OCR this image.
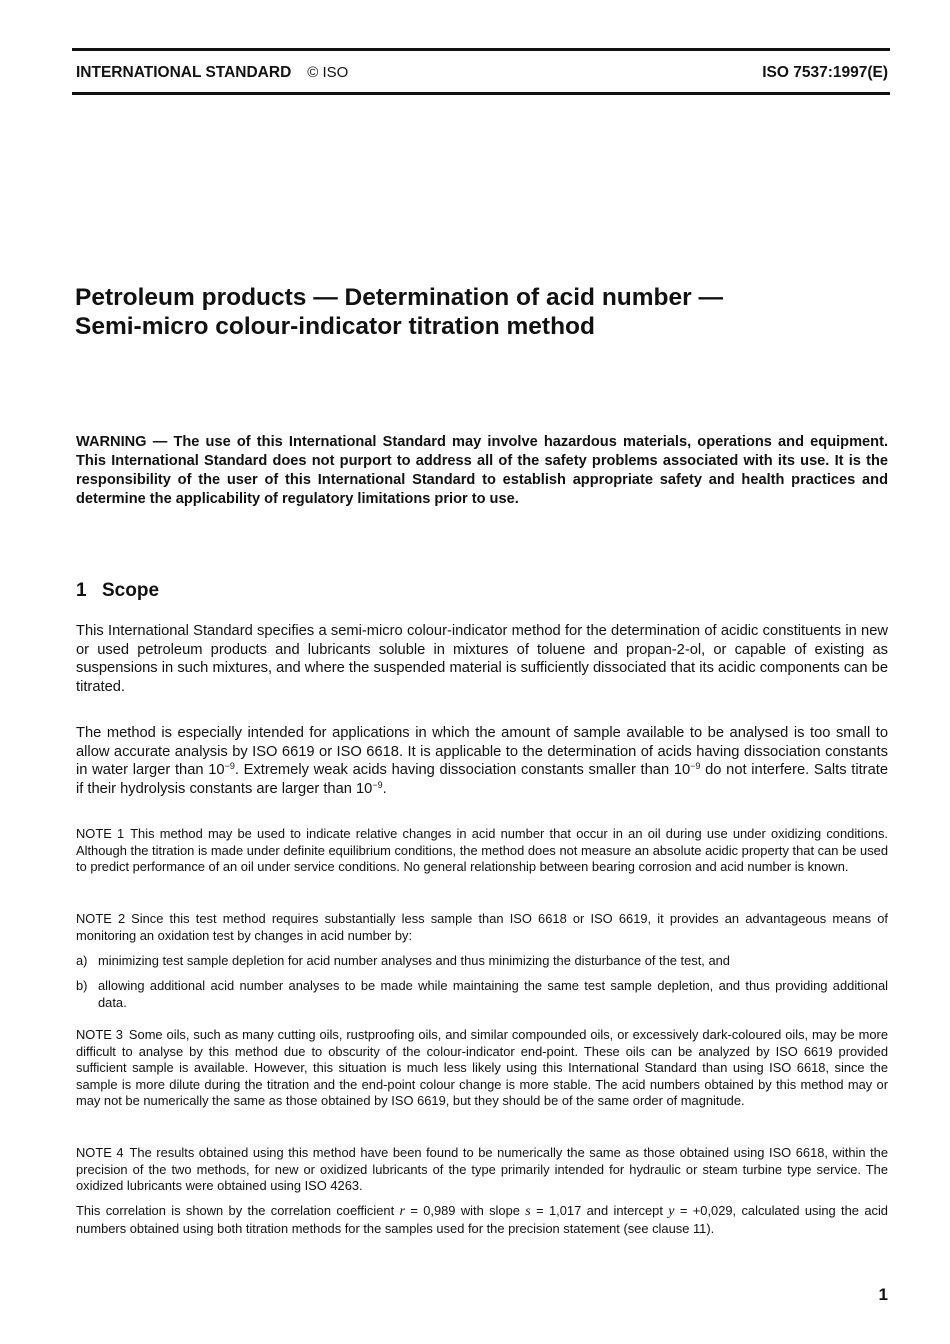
INTERNATIONAL STANDARD © ISO	ISO 7537:1997(E)
Petroleum products — Determination of acid number —
Semi-micro colour-indicator titration method

WARNING — The use of this International Standard may involve hazardous materials, operations and equipment. This International Standard does not purport to address all of the safety problems associated with its use. It is the responsibility of the user of this International Standard to establish appropriate safety and health practices and determine the applicability of regulatory limitations prior to use.

1 Scope

This International Standard specifies a semi-micro colour-indicator method for the determination of acidic constituents in new or used petroleum products and lubricants soluble in mixtures of toluene and propan-2-ol, or capable of existing as suspensions in such mixtures, and where the suspended material is sufficiently dissociated that its acidic components can be titrated.

The method is especially intended for applications in which the amount of sample available to be analysed is too small to allow accurate analysis by ISO 6619 or ISO 6618. It is applicable to the determination of acids having dissociation constants in water larger than $10^{-9}$. Extremely weak acids having dissociation constants smaller than $10^{-9}$ do not interfere. Salts titrate if their hydrolysis constants are larger than $10^{-9}$.

NOTE 1 This method may be used to indicate relative changes in acid number that occur in an oil during use under oxidizing conditions. Although the titration is made under definite equilibrium conditions, the method does not measure an absolute acidic property that can be used to predict performance of an oil under service conditions. No general relationship between bearing corrosion and acid number is known.

NOTE 2 Since this test method requires substantially less sample than ISO 6618 or ISO 6619, it provides an advantageous means of monitoring an oxidation test by changes in acid number by:

a) minimizing test sample depletion for acid number analyses and thus minimizing the disturbance of the test, and
b) allowing additional acid number analyses to be made while maintaining the same test sample depletion, and thus providing additional data.

NOTE 3 Some oils, such as many cutting oils, rustproofing oils, and similar compounded oils, or excessively dark-coloured oils, may be more difficult to analyse by this method due to obscurity of the colour-indicator end-point. These oils can be analyzed by ISO 6619 provided sufficient sample is available. However, this situation is much less likely using this International Standard than using ISO 6618, since the sample is more dilute during the titration and the end-point colour change is more stable. The acid numbers obtained by this method may or may not be numerically the same as those obtained by ISO 6619, but they should be of the same order of magnitude.

NOTE 4 The results obtained using this method have been found to be numerically the same as those obtained using ISO 6618, within the precision of the two methods, for new or oxidized lubricants of the type primarily intended for hydraulic or steam turbine type service. The oxidized lubricants were obtained using ISO 4263.

This correlation is shown by the correlation coefficient r = 0,989 with slope s = 1,017 and intercept y = +0,029, calculated using the acid numbers obtained using both titration methods for the samples used for the precision statement (see clause 11).

1
